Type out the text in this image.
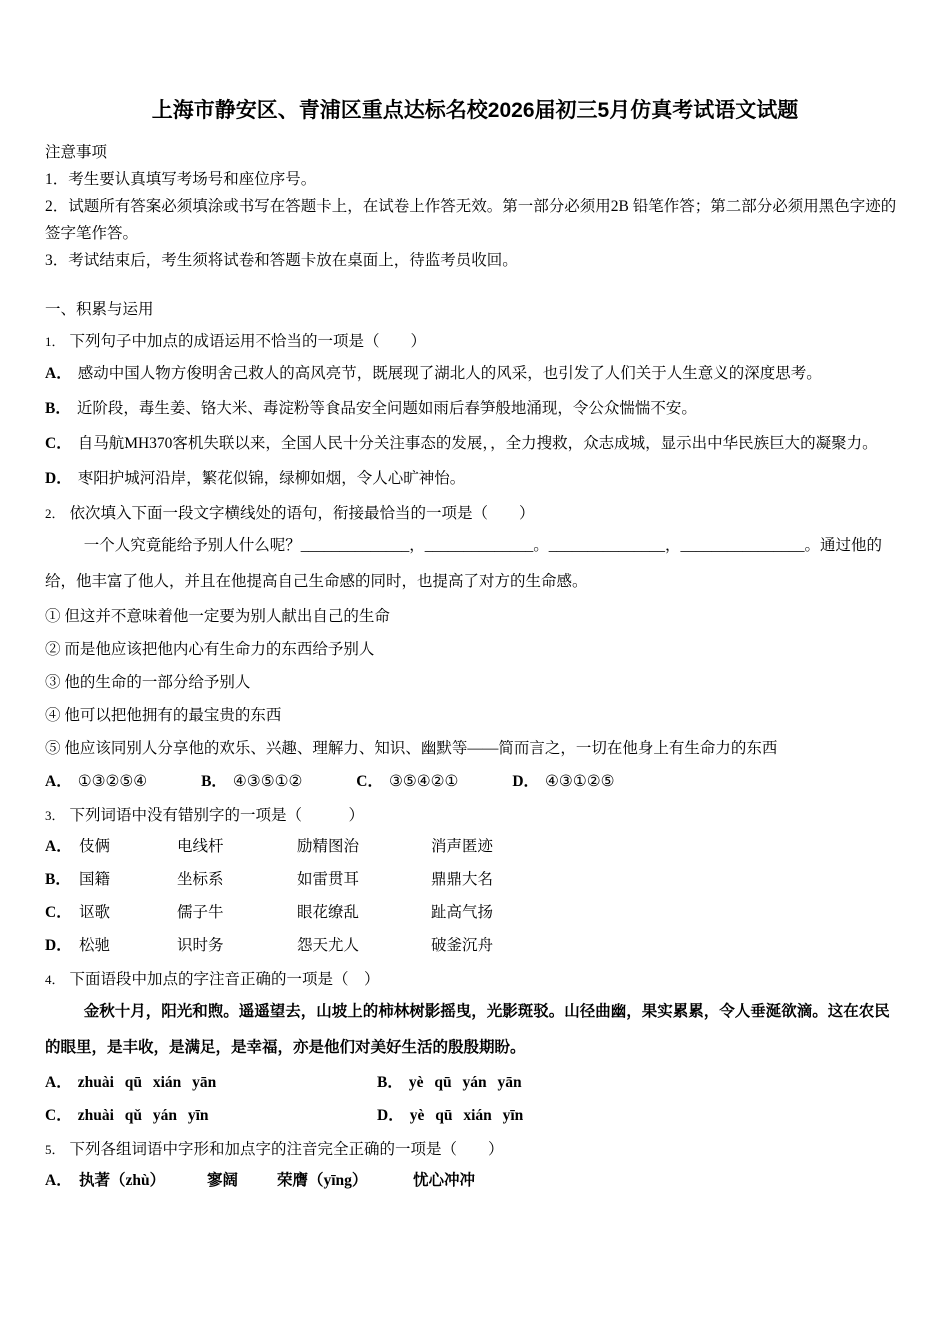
上海市静安区、青浦区重点达标名校2026届初三5月仿真考试语文试题
注意事项

1．考生要认真填写考场号和座位序号。

2．试题所有答案必须填涂或书写在答题卡上，在试卷上作答无效。第一部分必须用2B 铅笔作答；第二部分必须用黑色字迹的签字笔作答。

3．考试结束后，考生须将试卷和答题卡放在桌面上，待监考员收回。

一、积累与运用

1． 下列句子中加点的成语运用不恰当的一项是（　　）

A． 感动中国人物方俊明舍己救人的高风亮节，既展现了湖北人的风采，也引发了人们关于人生意义的深度思考。

B． 近阶段，毒生姜、铬大米、毒淀粉等食品安全问题如雨后春笋般地涌现，令公众惴惴不安。

C． 自马航MH370客机失联以来，全国人民十分关注事态的发展，，全力搜救，众志成城，显示出中华民族巨大的凝聚力。

D． 枣阳护城河沿岸，繁花似锦，绿柳如烟，令人心旷神怡。

2． 依次填入下面一段文字横线处的语句，衔接最恰当的一项是（　　）

一个人究竟能给予别人什么呢？______________，______________。_______________，________________。通过他的给，他丰富了他人，并且在他提高自己生命感的同时，也提高了对方的生命感。

① 但这并不意味着他一定要为别人献出自己的生命

② 而是他应该把他内心有生命力的东西给予别人

③ 他的生命的一部分给予别人

④ 他可以把他拥有的最宝贵的东西

⑤ 他应该同别人分享他的欢乐、兴趣、理解力、知识、幽默等——简而言之，一切在他身上有生命力的东西

A． ①③②⑤④	B． ④③⑤①②	C． ③⑤④②①	D． ④③①②⑤

3． 下列词语中没有错别字的一项是（　　　）

A． 伎俩	电线杆	励精图治	消声匿迹
B． 国籍	坐标系	如雷贯耳	鼎鼎大名
C． 讴歌	儒子牛	眼花缭乱	趾高气扬
D． 松驰	识时务	怨天尤人	破釜沉舟

4． 下面语段中加点的字注音正确的一项是（　）

金秋十月，阳光和煦。遥遥望去，山坡上的柿林树影摇曳，光影斑驳。山径曲幽，果实累累，令人垂涎欲滴。这在农民的眼里，是丰收，是满足，是幸福，亦是他们对美好生活的殷殷期盼。

A． zhuài qū xián yān	B． yè qū yán yān

C． zhuài qǔ yán yīn	D． yè qū xián yīn

5． 下列各组词语中字形和加点字的注音完全正确的一项是（　　）

A． 执著（zhù）	寥阔	荣膺（yīng）	忧心冲冲
